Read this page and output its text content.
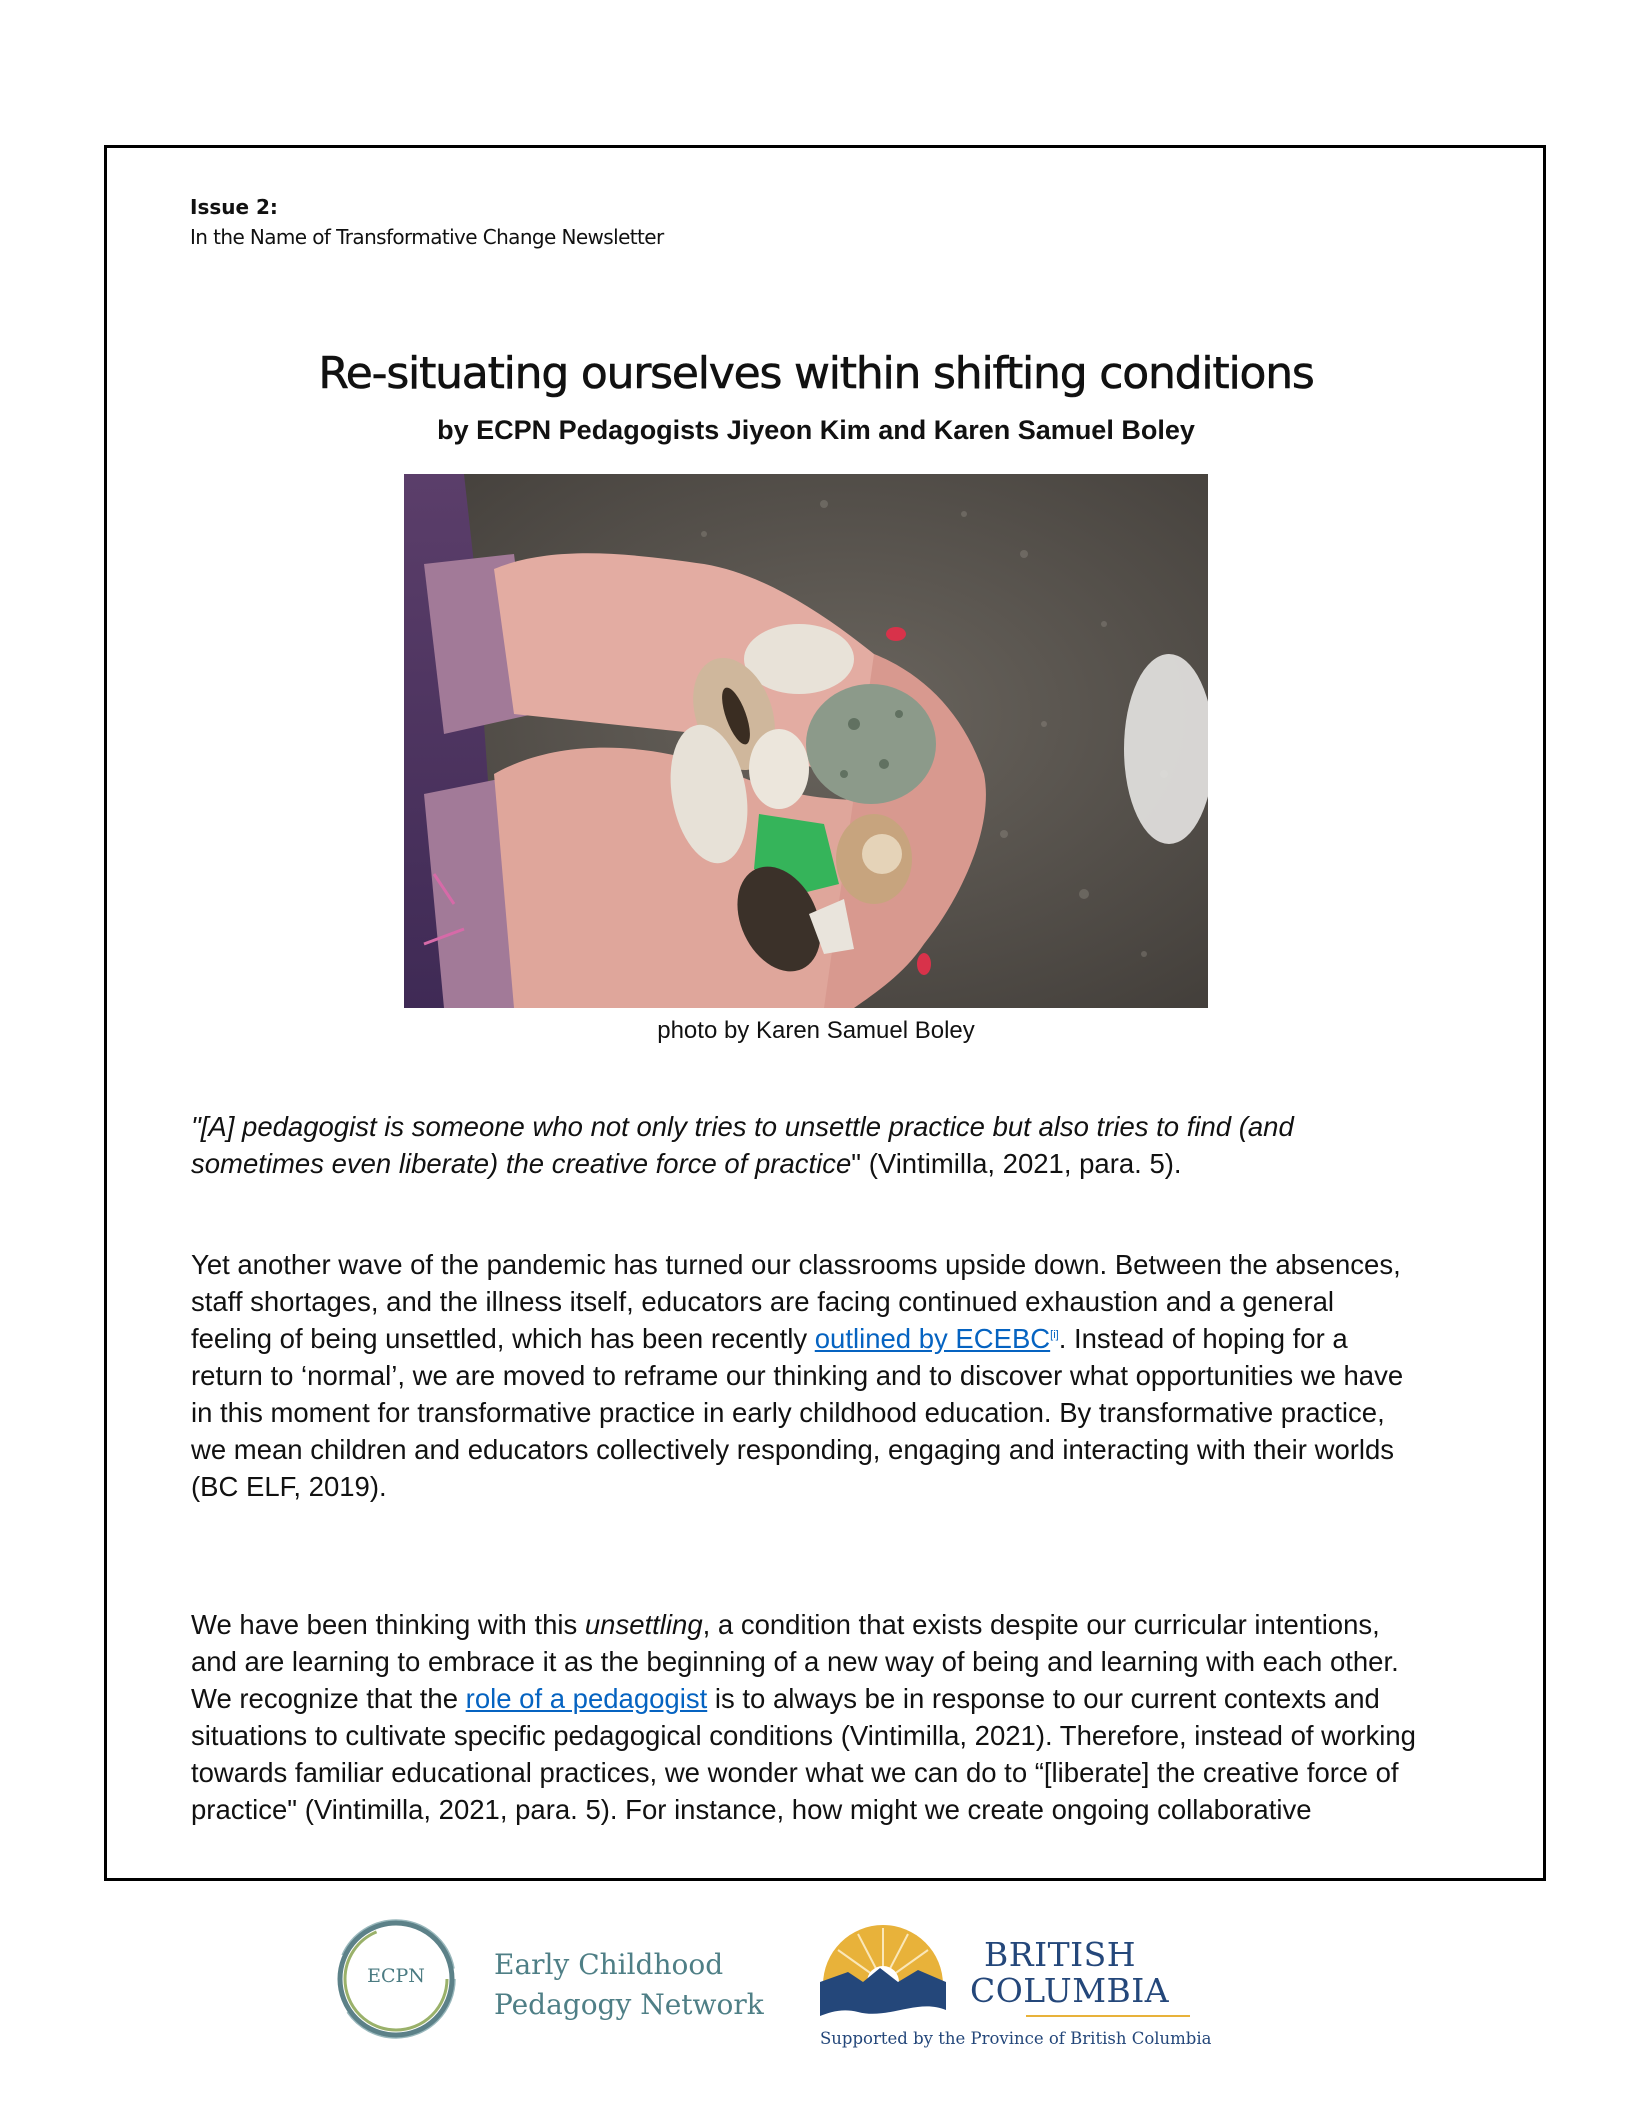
Issue 2:
In the Name of Transformative Change Newsletter
Re-situating ourselves within shifting conditions
by ECPN Pedagogists Jiyeon Kim and Karen Samuel Boley
photo by Karen Samuel Boley

"[A] pedagogist is someone who not only tries to unsettle practice but also tries to find (and sometimes even liberate) the creative force of practice" (Vintimilla, 2021, para. 5).

Yet another wave of the pandemic has turned our classrooms upside down. Between the absences, staff shortages, and the illness itself, educators are facing continued exhaustion and a general feeling of being unsettled, which has been recently outlined by ECEBC[i]. Instead of hoping for a return to ‘normal’, we are moved to reframe our thinking and to discover what opportunities we have in this moment for transformative practice in early childhood education. By transformative practice, we mean children and educators collectively responding, engaging and interacting with their worlds (BC ELF, 2019).

We have been thinking with this unsettling, a condition that exists despite our curricular intentions, and are learning to embrace it as the beginning of a new way of being and learning with each other. We recognize that the role of a pedagogist is to always be in response to our current contexts and situations to cultivate specific pedagogical conditions (Vintimilla, 2021). Therefore, instead of working towards familiar educational practices, we wonder what we can do to “[liberate] the creative force of practice" (Vintimilla, 2021, para. 5). For instance, how might we create ongoing collaborative

ECPN	Early Childhood
Pedagogy Network
BRITISH
COLUMBIA
Supported by the Province of British Columbia
